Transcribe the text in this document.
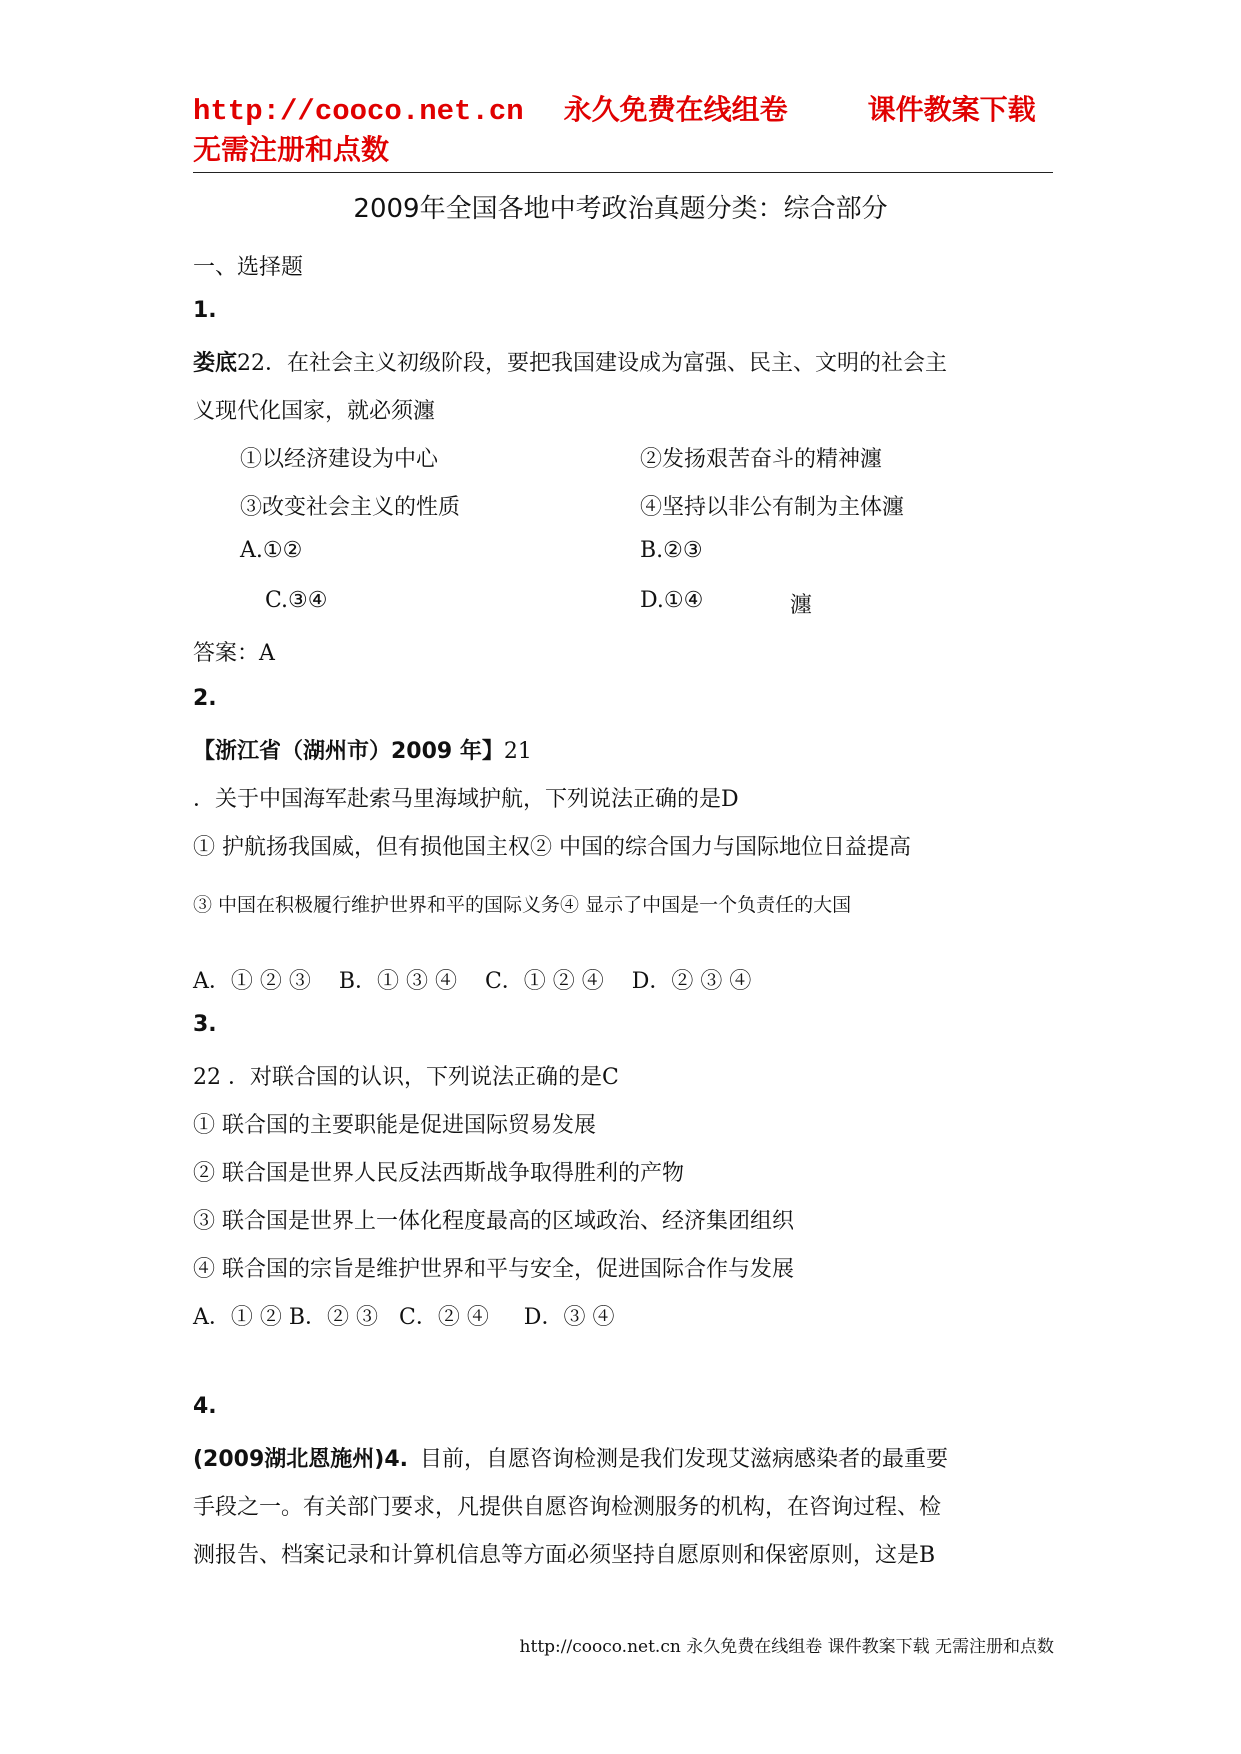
http://cooco.net.cn 永久免费在线组卷	课件教案下载
无需注册和点数
2009年全国各地中考政治真题分类：综合部分
一、选择题
1.
娄底22．在社会主义初级阶段，要把我国建设成为富强、民主、文明的社会主
义现代化国家，就必须瀍
①以经济建设为中心	②发扬艰苦奋斗的精神瀍
③改变社会主义的性质	④坚持以非公有制为主体瀍
A.①②	B.②③
C.③④	D.①④	瀍
答案：A
2.
【浙江省（湖州市）2009 年】21
．关于中国海军赴索马里海域护航，下列说法正确的是D
① 护航扬我国威，但有损他国主权② 中国的综合国力与国际地位日益提高
③ 中国在积极履行维护世界和平的国际义务④ 显示了中国是一个负责任的大国
A．① ② ③    B．① ③ ④    C．① ② ④    D．② ③ ④
3.
22 ．对联合国的认识，下列说法正确的是C
① 联合国的主要职能是促进国际贸易发展
② 联合国是世界人民反法西斯战争取得胜利的产物
③ 联合国是世界上一体化程度最高的区域政治、经济集团组织
④ 联合国的宗旨是维护世界和平与安全，促进国际合作与发展
A．① ② B．② ③   C．② ④     D．③ ④
4.
(2009湖北恩施州)4. 目前，自愿咨询检测是我们发现艾滋病感染者的最重要
手段之一。有关部门要求，凡提供自愿咨询检测服务的机构，在咨询过程、检
测报告、档案记录和计算机信息等方面必须坚持自愿原则和保密原则，这是B
http://cooco.net.cn 永久免费在线组卷 课件教案下载 无需注册和点数
